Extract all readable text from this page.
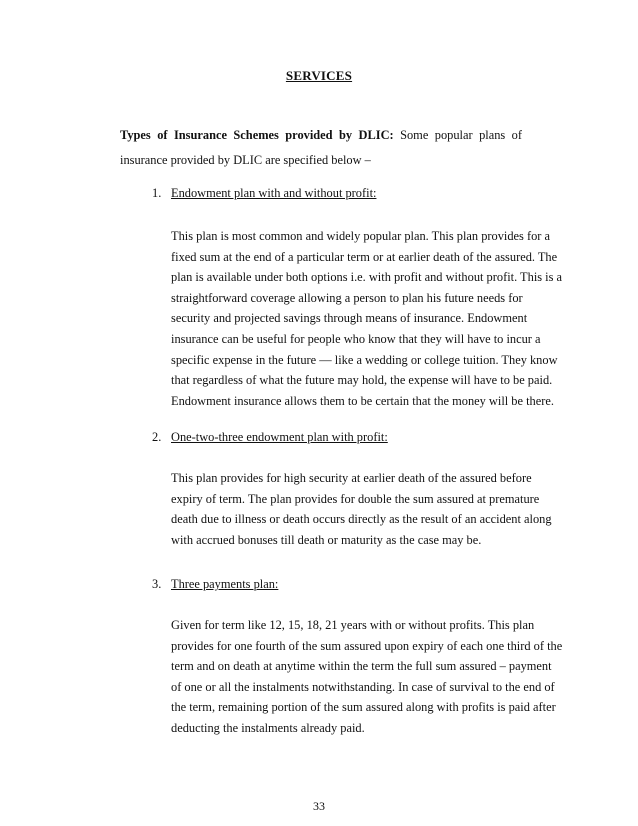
SERVICES
Types of Insurance Schemes provided by DLIC: Some popular plans of insurance provided by DLIC are specified below –
1. Endowment plan with and without profit:
This plan is most common and widely popular plan. This plan provides for a
fixed sum at the end of a particular term or at earlier death of the assured. The
plan is available under both options i.e. with profit and without profit. This is a
straightforward coverage allowing a person to plan his future needs for
security and projected savings through means of insurance. Endowment
insurance can be useful for people who know that they will have to incur a
specific expense in the future — like a wedding or college tuition. They know
that regardless of what the future may hold, the expense will have to be paid.
Endowment insurance allows them to be certain that the money will be there.
2. One-two-three endowment plan with profit:
This plan provides for high security at earlier death of the assured before
expiry of term. The plan provides for double the sum assured at premature
death due to illness or death occurs directly as the result of an accident along
with accrued bonuses till death or maturity as the case may be.
3. Three payments plan:
Given for term like 12, 15, 18, 21 years with or without profits. This plan
provides for one fourth of the sum assured upon expiry of each one third of the
term and on death at anytime within the term the full sum assured – payment
of one or all the instalments notwithstanding. In case of survival to the end of
the term, remaining portion of the sum assured along with profits is paid after
deducting the instalments already paid.
33
